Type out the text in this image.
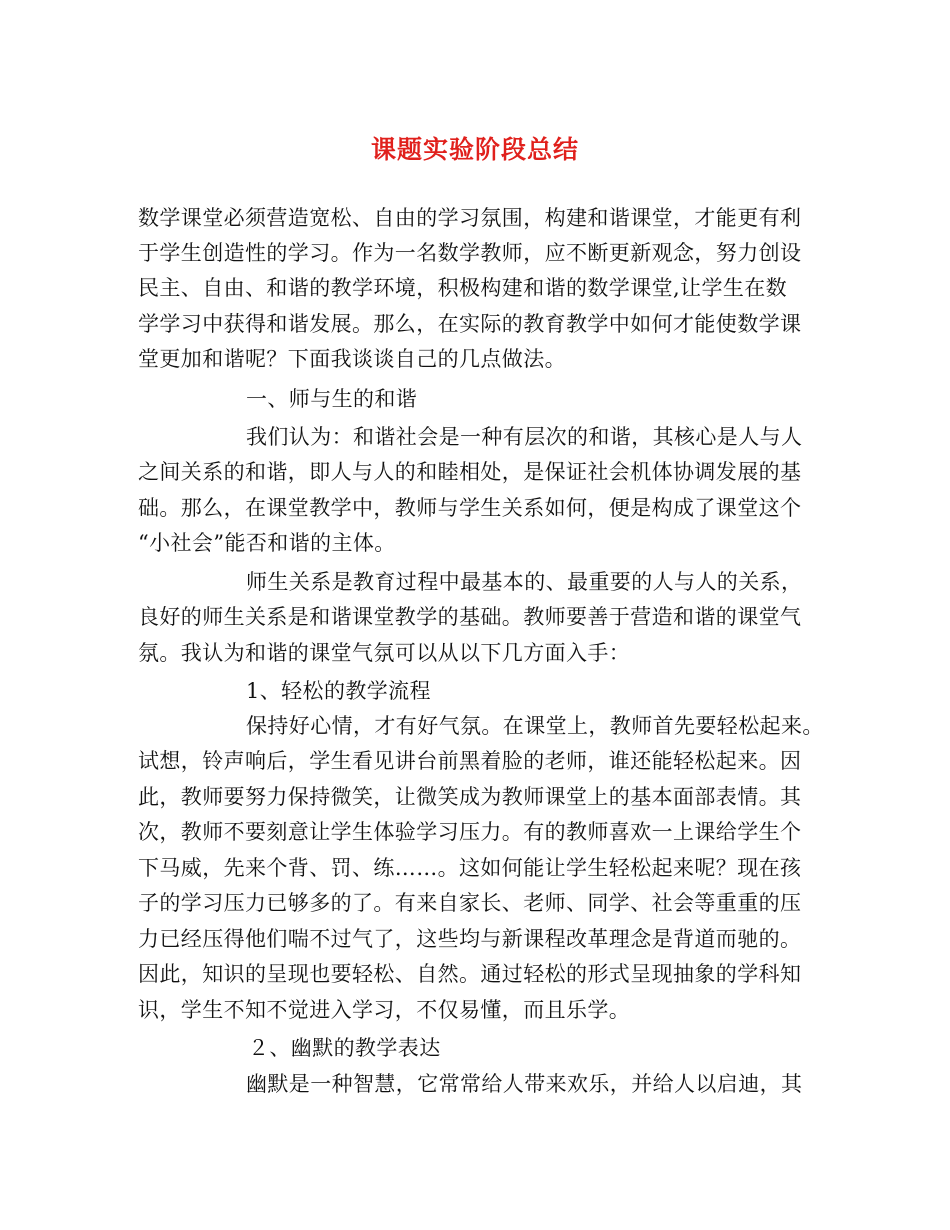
课题实验阶段总结
数学课堂必须营造宽松、自由的学习氛围，构建和谐课堂，才能更有利
于学生创造性的学习。作为一名数学教师，应不断更新观念，努力创设
民主、自由、和谐的教学环境，积极构建和谐的数学课堂,让学生在数
学学习中获得和谐发展。那么，在实际的教育教学中如何才能使数学课
堂更加和谐呢？下面我谈谈自己的几点做法。
一、师与生的和谐
我们认为：和谐社会是一种有层次的和谐，其核心是人与人
之间关系的和谐，即人与人的和睦相处，是保证社会机体协调发展的基
础。那么，在课堂教学中，教师与学生关系如何，便是构成了课堂这个
“小社会”能否和谐的主体。
师生关系是教育过程中最基本的、最重要的人与人的关系，
良好的师生关系是和谐课堂教学的基础。教师要善于营造和谐的课堂气
氛。我认为和谐的课堂气氛可以从以下几方面入手：
1、轻松的教学流程
保持好心情，才有好气氛。在课堂上，教师首先要轻松起来。
试想，铃声响后，学生看见讲台前黑着脸的老师，谁还能轻松起来。因
此，教师要努力保持微笑，让微笑成为教师课堂上的基本面部表情。其
次，教师不要刻意让学生体验学习压力。有的教师喜欢一上课给学生个
下马威，先来个背、罚、练……。这如何能让学生轻松起来呢？现在孩
子的学习压力已够多的了。有来自家长、老师、同学、社会等重重的压
力已经压得他们喘不过气了，这些均与新课程改革理念是背道而驰的。
因此，知识的呈现也要轻松、自然。通过轻松的形式呈现抽象的学科知
识，学生不知不觉进入学习，不仅易懂，而且乐学。
２、幽默的教学表达
幽默是一种智慧，它常常给人带来欢乐，并给人以启迪，其
